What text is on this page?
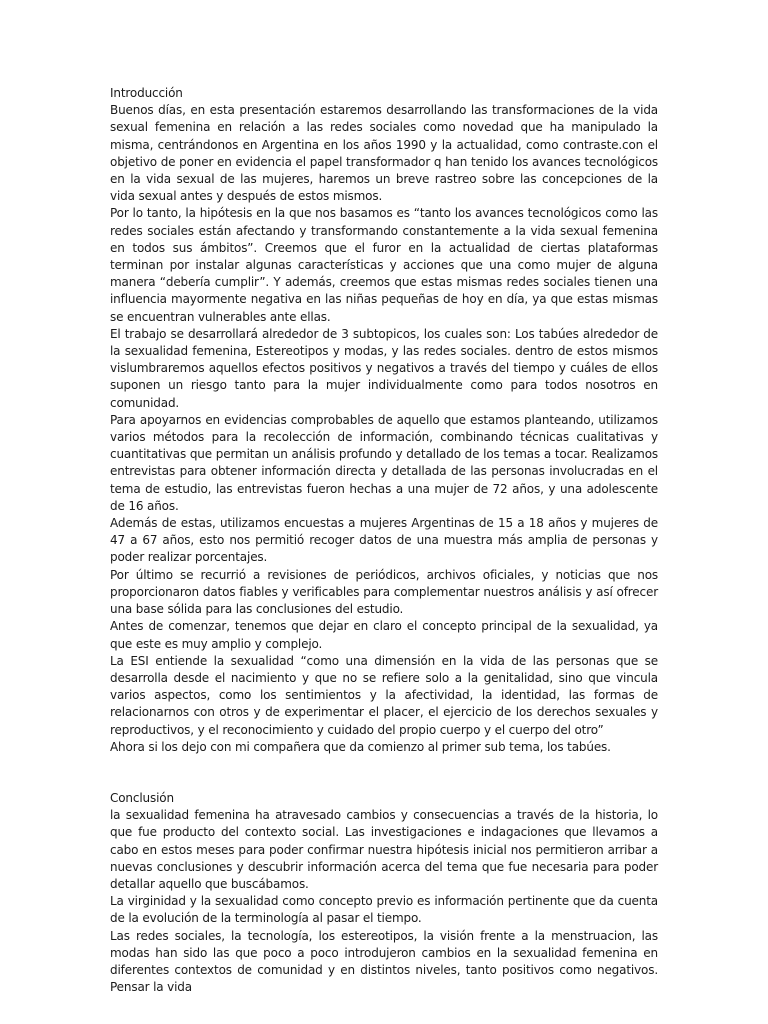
Introducción

Buenos días, en esta presentación estaremos desarrollando las transformaciones de la vida sexual femenina en relación a las redes sociales como novedad que ha manipulado la misma, centrándonos en Argentina en los años 1990 y la actualidad, como contraste.con el objetivo de poner en evidencia el papel transformador q han tenido los avances tecnológicos en la vida sexual de las mujeres, haremos un breve rastreo sobre las concepciones de la vida sexual antes y después de estos mismos.

Por lo tanto, la hipótesis en la que nos basamos es “tanto los avances tecnológicos como las redes sociales están afectando y transformando constantemente a la vida sexual femenina en todos sus ámbitos”. Creemos que el furor en la actualidad de ciertas plataformas terminan por instalar algunas características y acciones que una como mujer de alguna manera “debería cumplir”. Y además, creemos que estas mismas redes sociales tienen una influencia mayormente negativa en las niñas pequeñas de hoy en día, ya que estas mismas se encuentran vulnerables ante ellas.

El trabajo se desarrollará alrededor de 3 subtopicos, los cuales son: Los tabúes alrededor de la sexualidad femenina, Estereotipos y modas, y las redes sociales. dentro de estos mismos vislumbraremos aquellos efectos positivos y negativos a través del tiempo y cuáles de ellos suponen un riesgo tanto para la mujer individualmente como para todos nosotros en comunidad.

Para apoyarnos en evidencias comprobables de aquello que estamos planteando, utilizamos varios métodos para la recolección de información, combinando técnicas cualitativas y cuantitativas que permitan un análisis profundo y detallado de los temas a tocar. Realizamos entrevistas para obtener información directa y detallada de las personas involucradas en el tema de estudio, las entrevistas fueron hechas a una mujer de 72 años, y una adolescente de 16 años.

Además de estas, utilizamos encuestas a mujeres Argentinas de 15 a 18 años y mujeres de 47 a 67 años, esto nos permitió recoger datos de una muestra más amplia de personas y poder realizar porcentajes.

Por último se recurrió a revisiones de periódicos, archivos oficiales, y noticias que nos proporcionaron datos fiables y verificables para complementar nuestros análisis y así ofrecer una base sólida para las conclusiones del estudio.

Antes de comenzar, tenemos que dejar en claro el concepto principal de la sexualidad, ya que este es muy amplio y complejo.

La ESI entiende la sexualidad “como una dimensión en la vida de las personas que se desarrolla desde el nacimiento y que no se refiere solo a la genitalidad, sino que vincula varios aspectos, como los sentimientos y la afectividad, la identidad, las formas de relacionarnos con otros y de experimentar el placer, el ejercicio de los derechos sexuales y reproductivos, y el reconocimiento y cuidado del propio cuerpo y el cuerpo del otro”

Ahora si los dejo con mi compañera que da comienzo al primer sub tema, los tabúes.

Conclusión

la sexualidad femenina ha atravesado cambios y consecuencias a través de la historia, lo que fue producto del contexto social. Las investigaciones e indagaciones que llevamos a cabo en estos meses para poder confirmar nuestra hipótesis inicial nos permitieron arribar a nuevas conclusiones y descubrir información acerca del tema que fue necesaria para poder detallar aquello que buscábamos.

La virginidad y la sexualidad como concepto previo es información pertinente que da cuenta de la evolución de la terminología al pasar el tiempo.

Las redes sociales, la tecnología, los estereotipos, la visión frente a la menstruacion, las modas han sido las que poco a poco introdujeron cambios en la sexualidad femenina en diferentes contextos de comunidad y en distintos niveles, tanto positivos como negativos. Pensar la vida
